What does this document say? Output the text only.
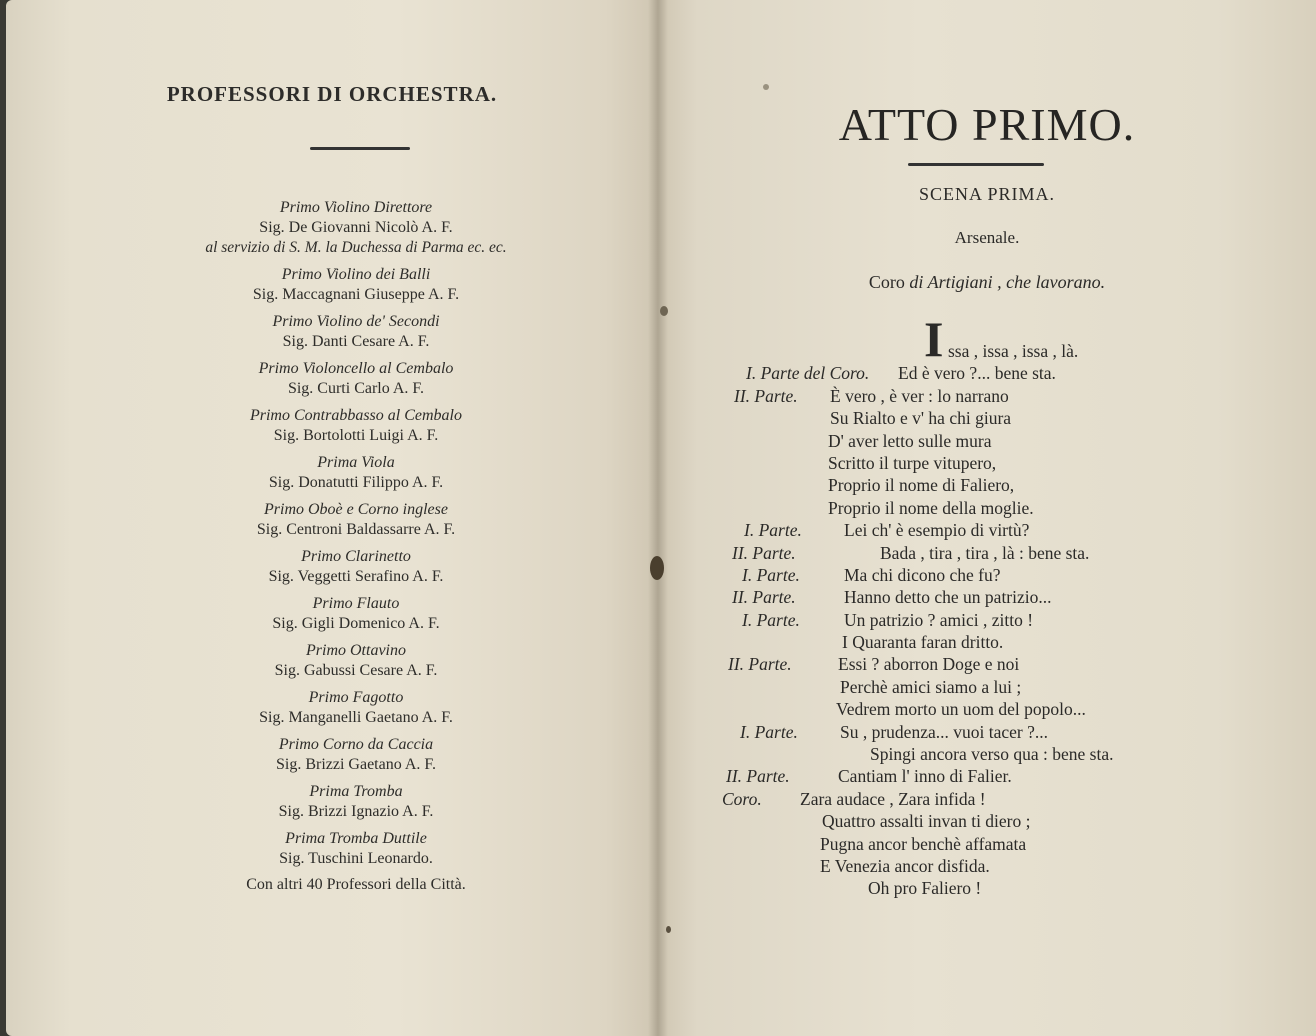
PROFESSORI DI ORCHESTRA.
Primo Violino Direttore
Sig. De Giovanni Nicolò A. F.
al servizio di S. M. la Duchessa di Parma ec. ec.
Primo Violino dei Balli
Sig. Maccagnani Giuseppe A. F.
Primo Violino de' Secondi
Sig. Danti Cesare A. F.
Primo Violoncello al Cembalo
Sig. Curti Carlo A. F.
Primo Contrabbasso al Cembalo
Sig. Bortolotti Luigi A. F.
Prima Viola
Sig. Donatutti Filippo A. F.
Primo Oboè e Corno inglese
Sig. Centroni Baldassarre A. F.
Primo Clarinetto
Sig. Veggetti Serafino A. F.
Primo Flauto
Sig. Gigli Domenico A. F.
Primo Ottavino
Sig. Gabussi Cesare A. F.
Primo Fagotto
Sig. Manganelli Gaetano A. F.
Primo Corno da Caccia
Sig. Brizzi Gaetano A. F.
Prima Tromba
Sig. Brizzi Ignazio A. F.
Prima Tromba Duttile
Sig. Tuschini Leonardo.
Con altri 40 Professori della Città.
ATTO PRIMO.
SCENA PRIMA.
Arsenale.
Coro di Artigiani , che lavorano.
I ssa , issa , issa , là.
I. Parte del Coro. Ed è vero ?... bene sta.
II. Parte. È vero , è ver : lo narrano
Su Rialto e v' ha chi giura
D' aver letto sulle mura
Scritto il turpe vitupero,
Proprio il nome di Faliero,
Proprio il nome della moglie.
I. Parte. Lei ch' è esempio di virtù?
II. Parte.	Bada , tira , tira , là : bene sta.
I. Parte.	Ma chi dicono che fu?
II. Parte.	Hanno detto che un patrizio...
I. Parte.	Un patrizio ? amici , zitto !
I Quaranta faran dritto.
II. Parte.	Essi ? aborron Doge e noi
Perchè amici siamo a lui ;
Vedrem morto un uom del popolo...
I. Parte. Su , prudenza... vuoi tacer ?...
Spingi ancora verso qua : bene sta.
II. Parte.	Cantiam l' inno di Falier.
Coro. Zara audace , Zara infida !
Quattro assalti invan ti diero ;
Pugna ancor benchè affamata
E Venezia ancor disfida.
Oh pro Faliero !
